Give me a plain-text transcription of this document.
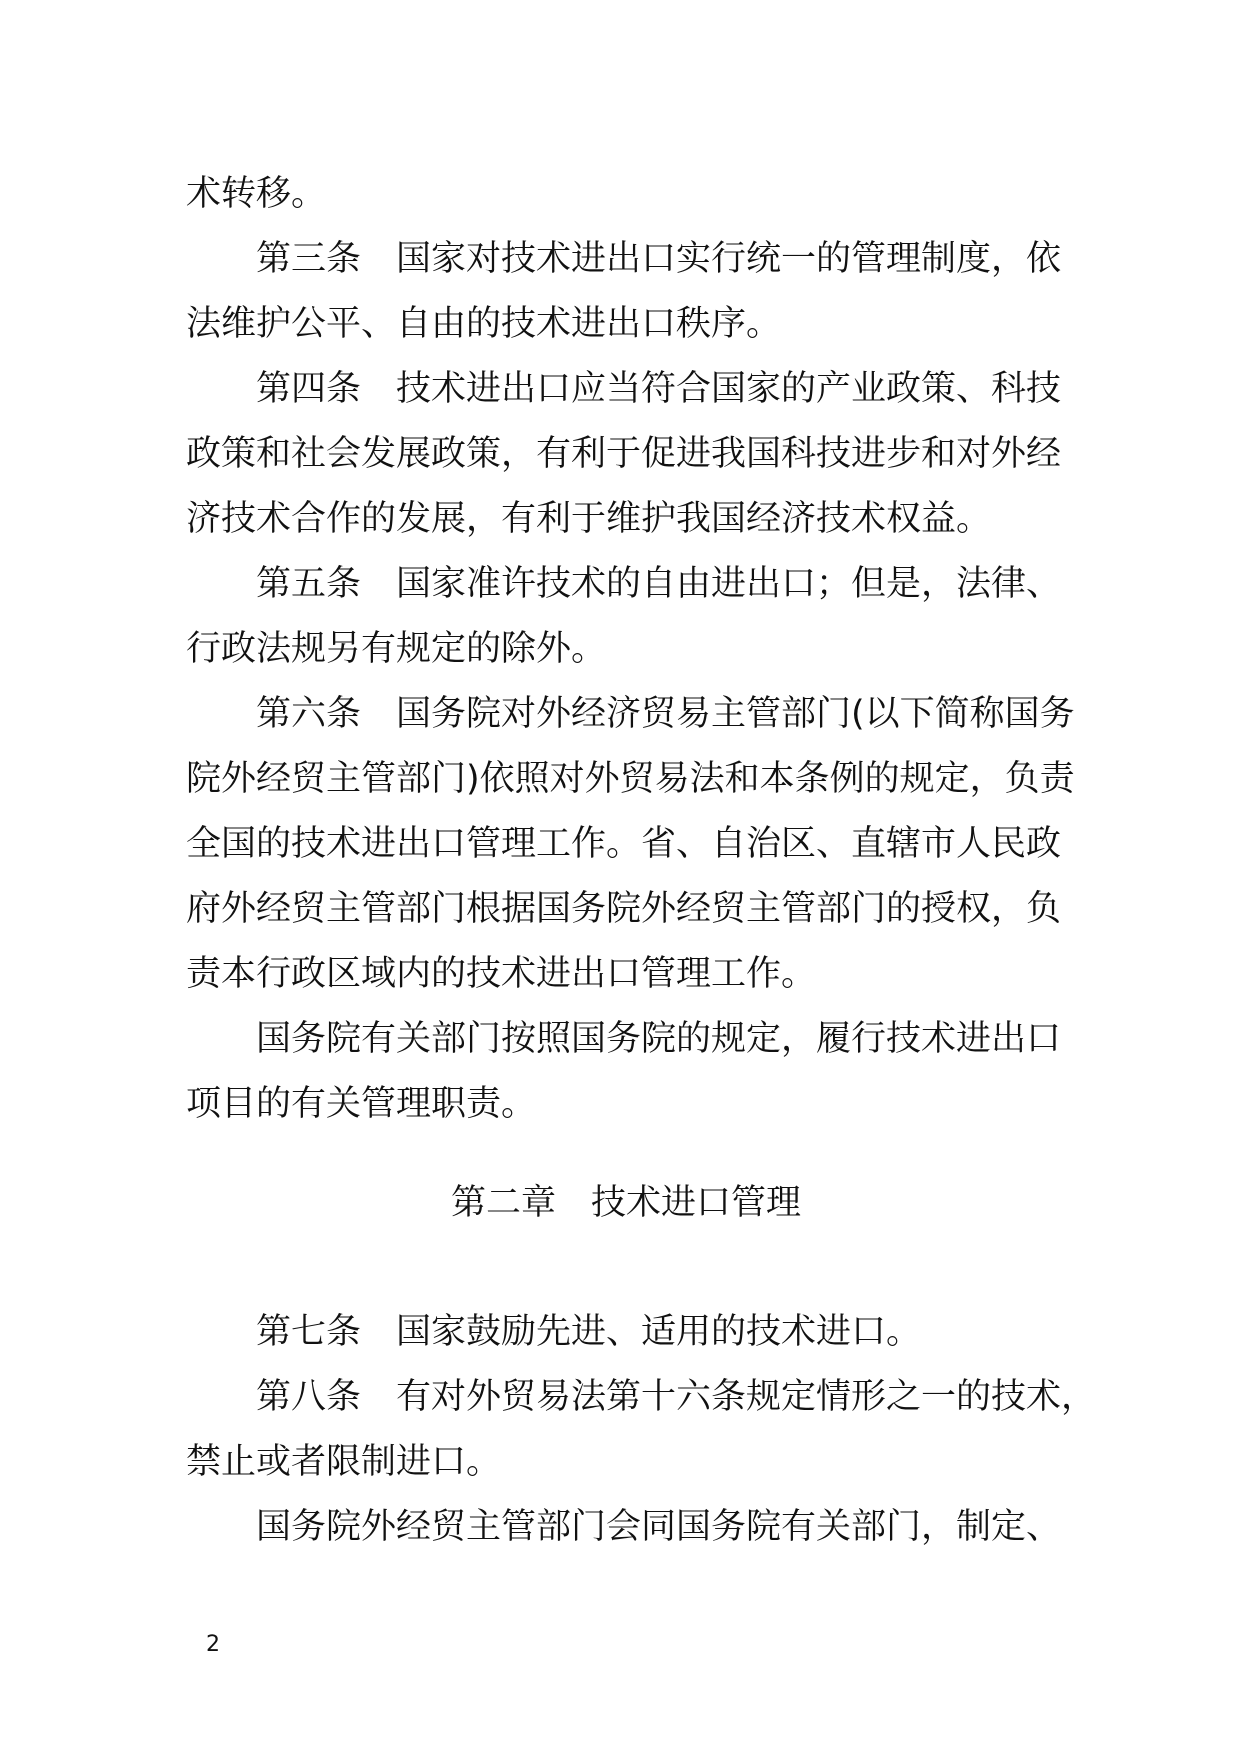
术转移。
第三条　国家对技术进出口实行统一的管理制度，依
法维护公平、自由的技术进出口秩序。
第四条　技术进出口应当符合国家的产业政策、科技
政策和社会发展政策，有利于促进我国科技进步和对外经
济技术合作的发展，有利于维护我国经济技术权益。
第五条　国家准许技术的自由进出口；但是，法律、
行政法规另有规定的除外。
第六条　国务院对外经济贸易主管部门(以下简称国务
院外经贸主管部门)依照对外贸易法和本条例的规定，负责
全国的技术进出口管理工作。省、自治区、直辖市人民政
府外经贸主管部门根据国务院外经贸主管部门的授权，负
责本行政区域内的技术进出口管理工作。
国务院有关部门按照国务院的规定，履行技术进出口
项目的有关管理职责。
第二章　技术进口管理
第七条　国家鼓励先进、适用的技术进口。
第八条　有对外贸易法第十六条规定情形之一的技术，
禁止或者限制进口。
国务院外经贸主管部门会同国务院有关部门，制定、
2
